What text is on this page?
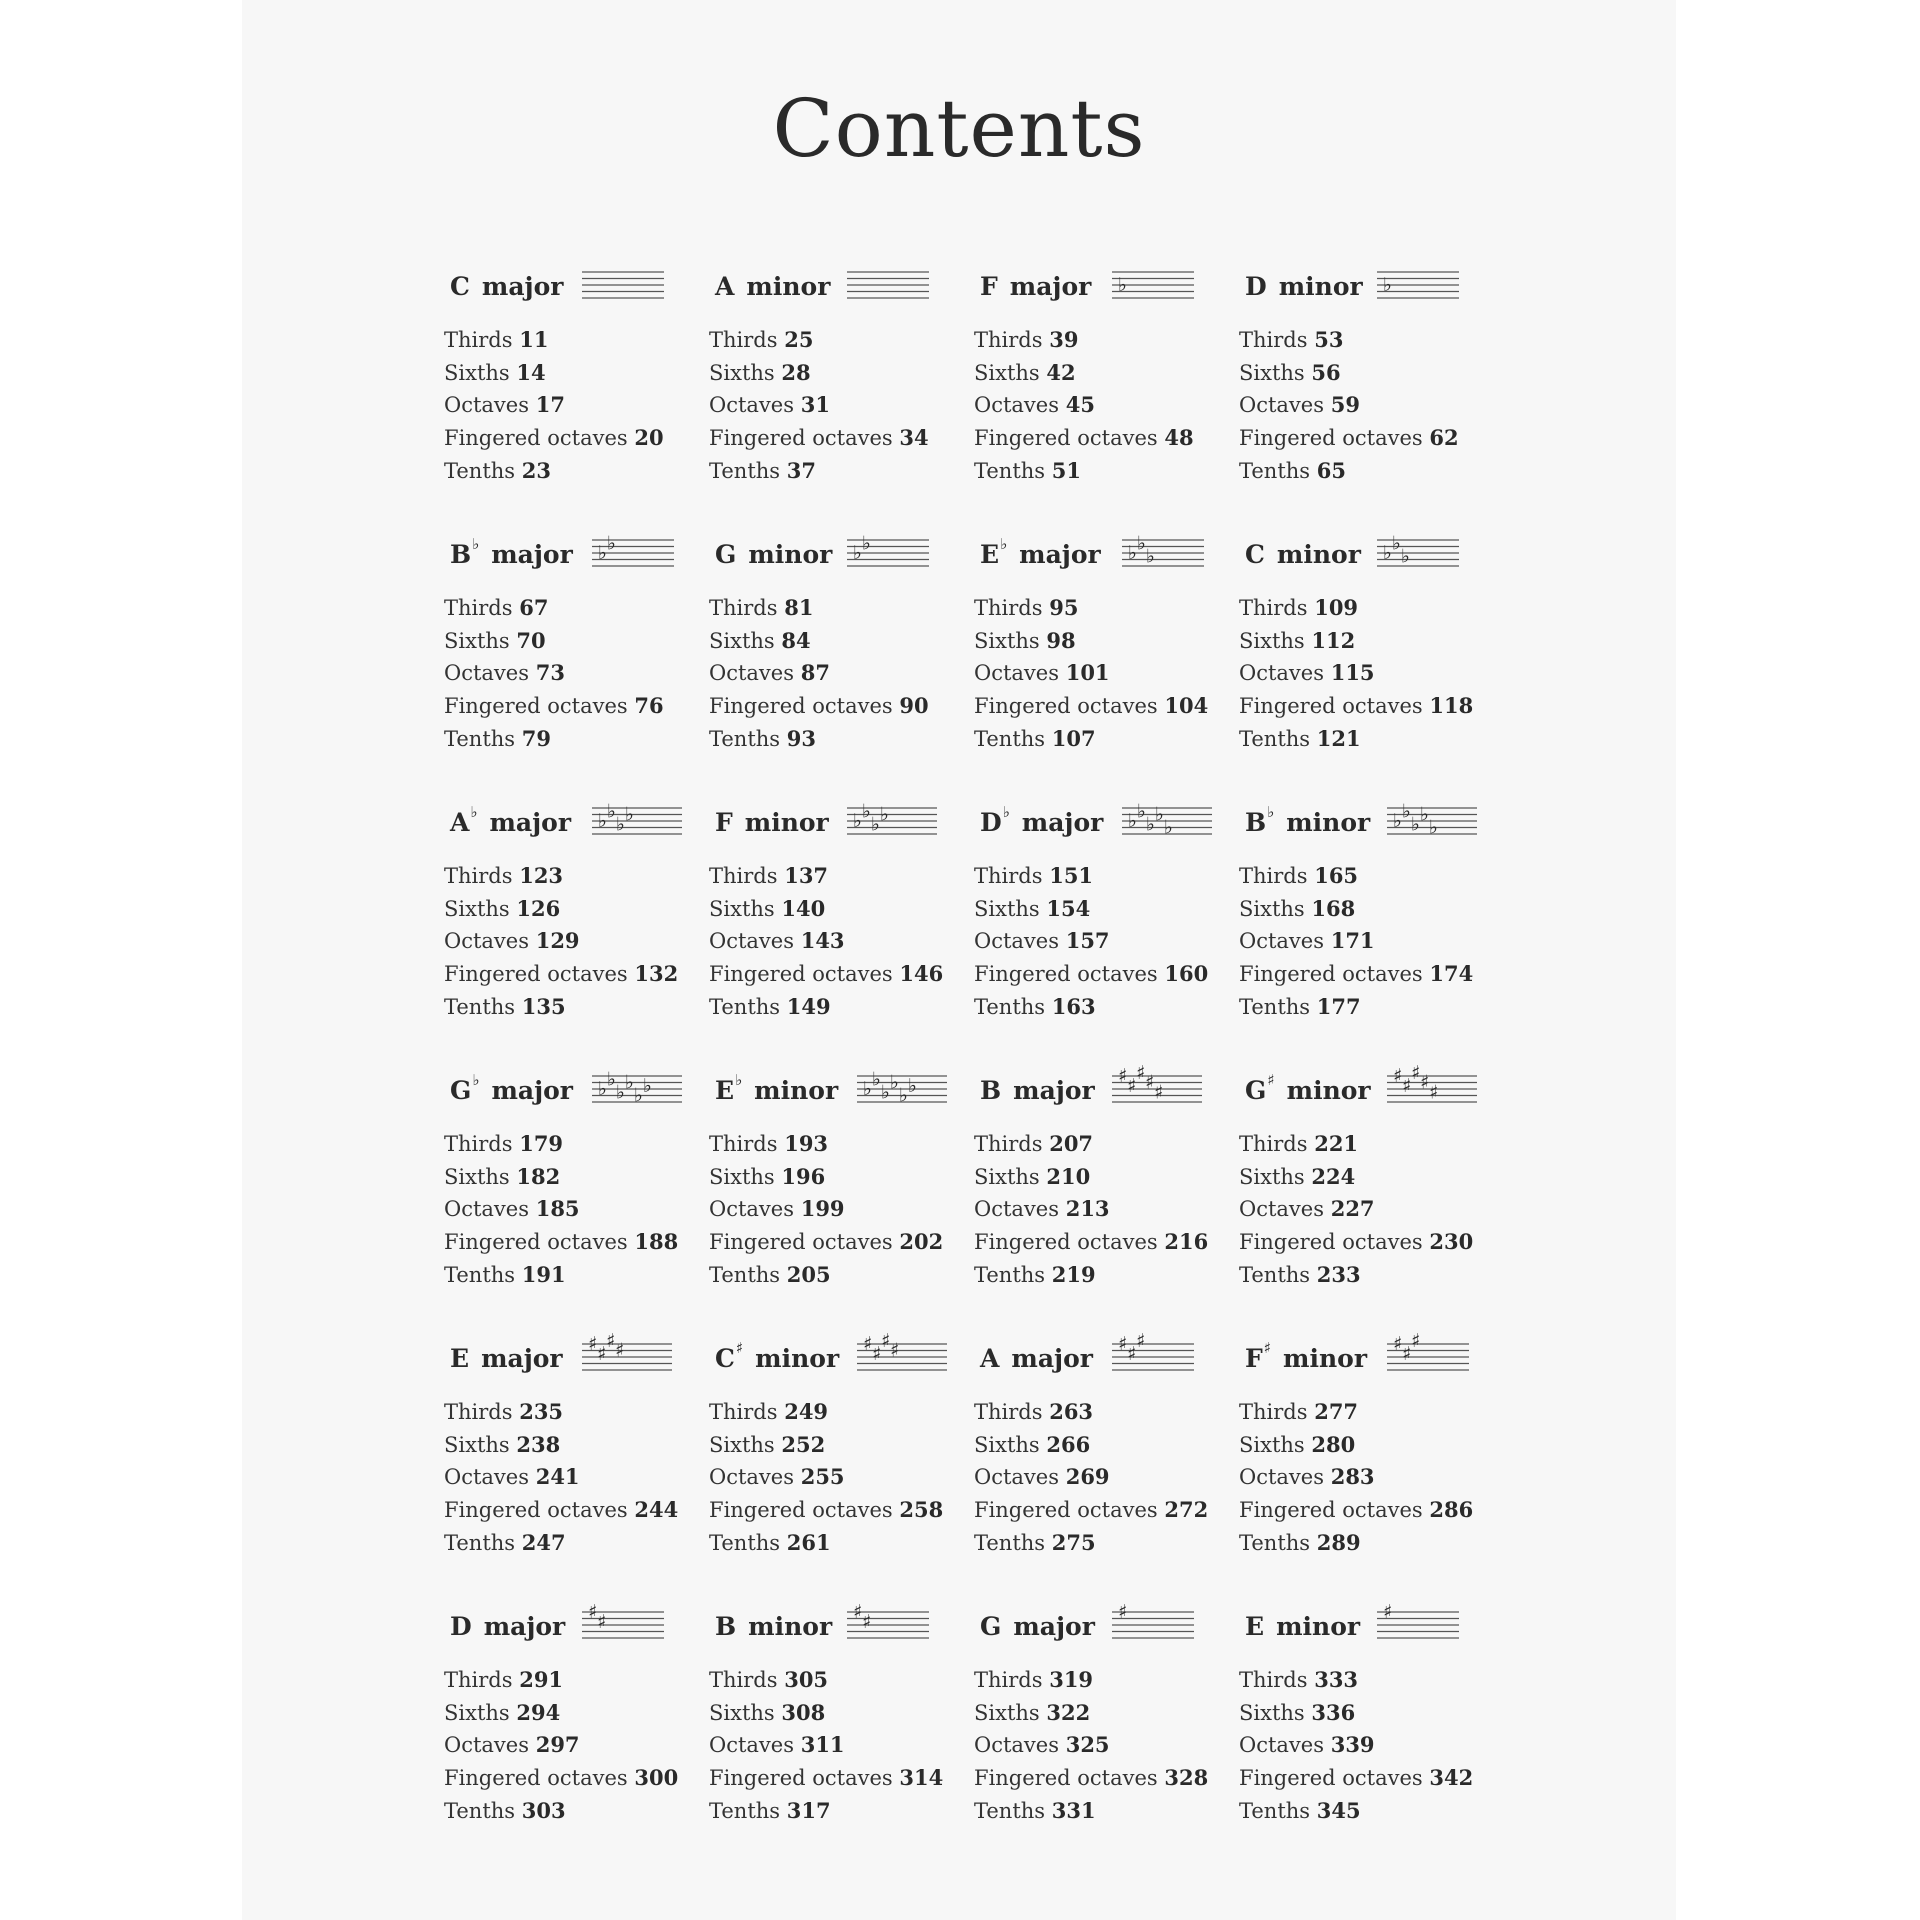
Contents
C major
Thirds 11
Sixths 14
Octaves 17
Fingered octaves 20
Tenths 23
A minor
Thirds 25
Sixths 28
Octaves 31
Fingered octaves 34
Tenths 37
F major ♭
Thirds 39
Sixths 42
Octaves 45
Fingered octaves 48
Tenths 51
D minor ♭
Thirds 53
Sixths 56
Octaves 59
Fingered octaves 62
Tenths 65
B ♭ major ♭ ♭
Thirds 67
Sixths 70
Octaves 73
Fingered octaves 76
Tenths 79
G minor ♭ ♭
Thirds 81
Sixths 84
Octaves 87
Fingered octaves 90
Tenths 93
E ♭ major ♭ ♭
♭
Thirds 95
Sixths 98
Octaves 101
Fingered octaves 104
Tenths 107
C minor ♭ ♭
♭
Thirds 109
Sixths 112
Octaves 115
Fingered octaves 118
Tenths 121
A ♭ major ♭ ♭
♭ ♭
Thirds 123
Sixths 126
Octaves 129
Fingered octaves 132
Tenths 135
F minor ♭ ♭
♭ ♭
Thirds 137
Sixths 140
Octaves 143
Fingered octaves 146
Tenths 149
D ♭ major ♭ ♭
♭ ♭
♭
Thirds 151
Sixths 154
Octaves 157
Fingered octaves 160
Tenths 163
B ♭ minor ♭ ♭
♭ ♭
♭
Thirds 165
Sixths 168
Octaves 171
Fingered octaves 174
Tenths 177
G ♭ major ♭ ♭
♭ ♭
♭ ♭
Thirds 179
Sixths 182
Octaves 185
Fingered octaves 188
Tenths 191
E ♭ minor ♭ ♭
♭ ♭
♭ ♭
Thirds 193
Sixths 196
Octaves 199
Fingered octaves 202
Tenths 205
B major ♯ ♯
♯ ♯ ♯
Thirds 207
Sixths 210
Octaves 213
Fingered octaves 216
Tenths 219
G ♯ minor ♯ ♯
♯ ♯ ♯
Thirds 221
Sixths 224
Octaves 227
Fingered octaves 230
Tenths 233
E major ♯ ♯
♯ ♯
Thirds 235
Sixths 238
Octaves 241
Fingered octaves 244
Tenths 247
C ♯ minor ♯ ♯
♯ ♯
Thirds 249
Sixths 252
Octaves 255
Fingered octaves 258
Tenths 261
A major ♯ ♯
♯
Thirds 263
Sixths 266
Octaves 269
Fingered octaves 272
Tenths 275
F ♯ minor ♯ ♯
♯
Thirds 277
Sixths 280
Octaves 283
Fingered octaves 286
Tenths 289
D major ♯ ♯
Thirds 291
Sixths 294
Octaves 297
Fingered octaves 300
Tenths 303
B minor ♯ ♯
Thirds 305
Sixths 308
Octaves 311
Fingered octaves 314
Tenths 317
G major ♯
Thirds 319
Sixths 322
Octaves 325
Fingered octaves 328
Tenths 331
E minor ♯
Thirds 333
Sixths 336
Octaves 339
Fingered octaves 342
Tenths 345
